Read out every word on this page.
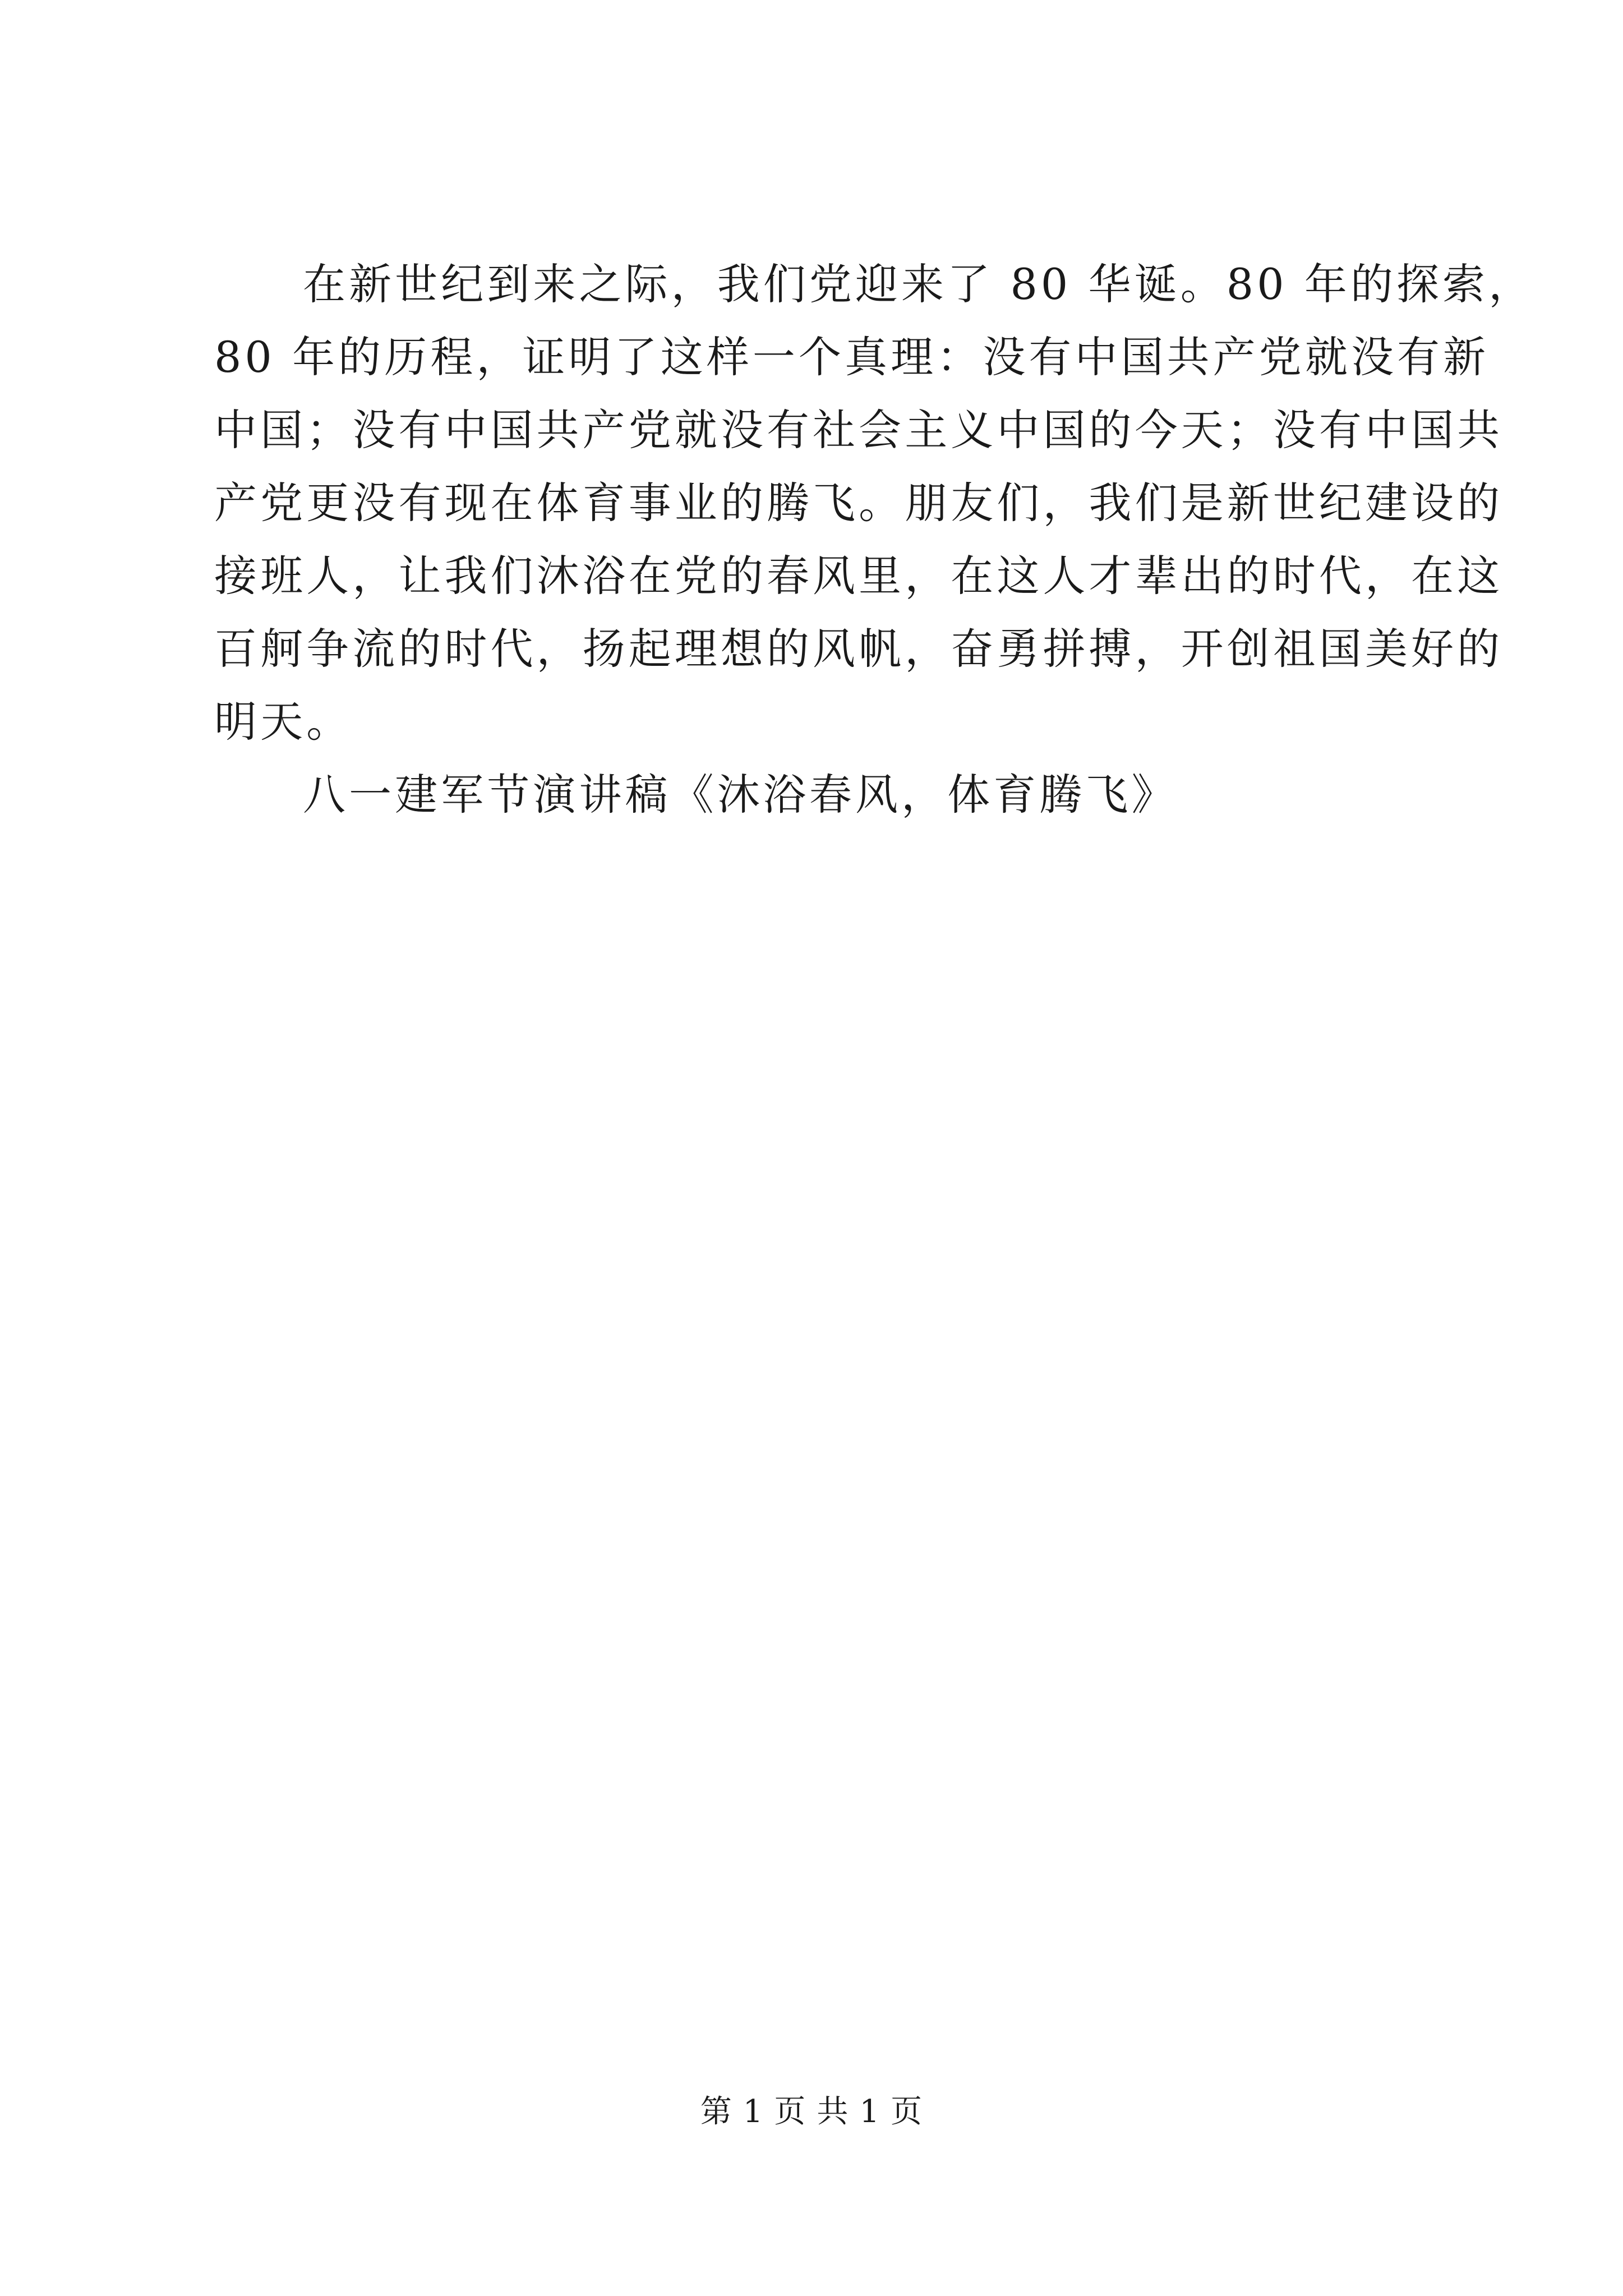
在新世纪到来之际，我们党迎来了 80 华诞。80 年的探索，
80 年的历程，证明了这样一个真理：没有中国共产党就没有新
中国；没有中国共产党就没有社会主义中国的今天；没有中国共
产党更没有现在体育事业的腾飞。朋友们，我们是新世纪建设的
接班人，让我们沐浴在党的春风里，在这人才辈出的时代，在这
百舸争流的时代，扬起理想的风帆，奋勇拼搏，开创祖国美好的
明天。
八一建军节演讲稿《沐浴春风，体育腾飞》
第 1 页 共 1 页
